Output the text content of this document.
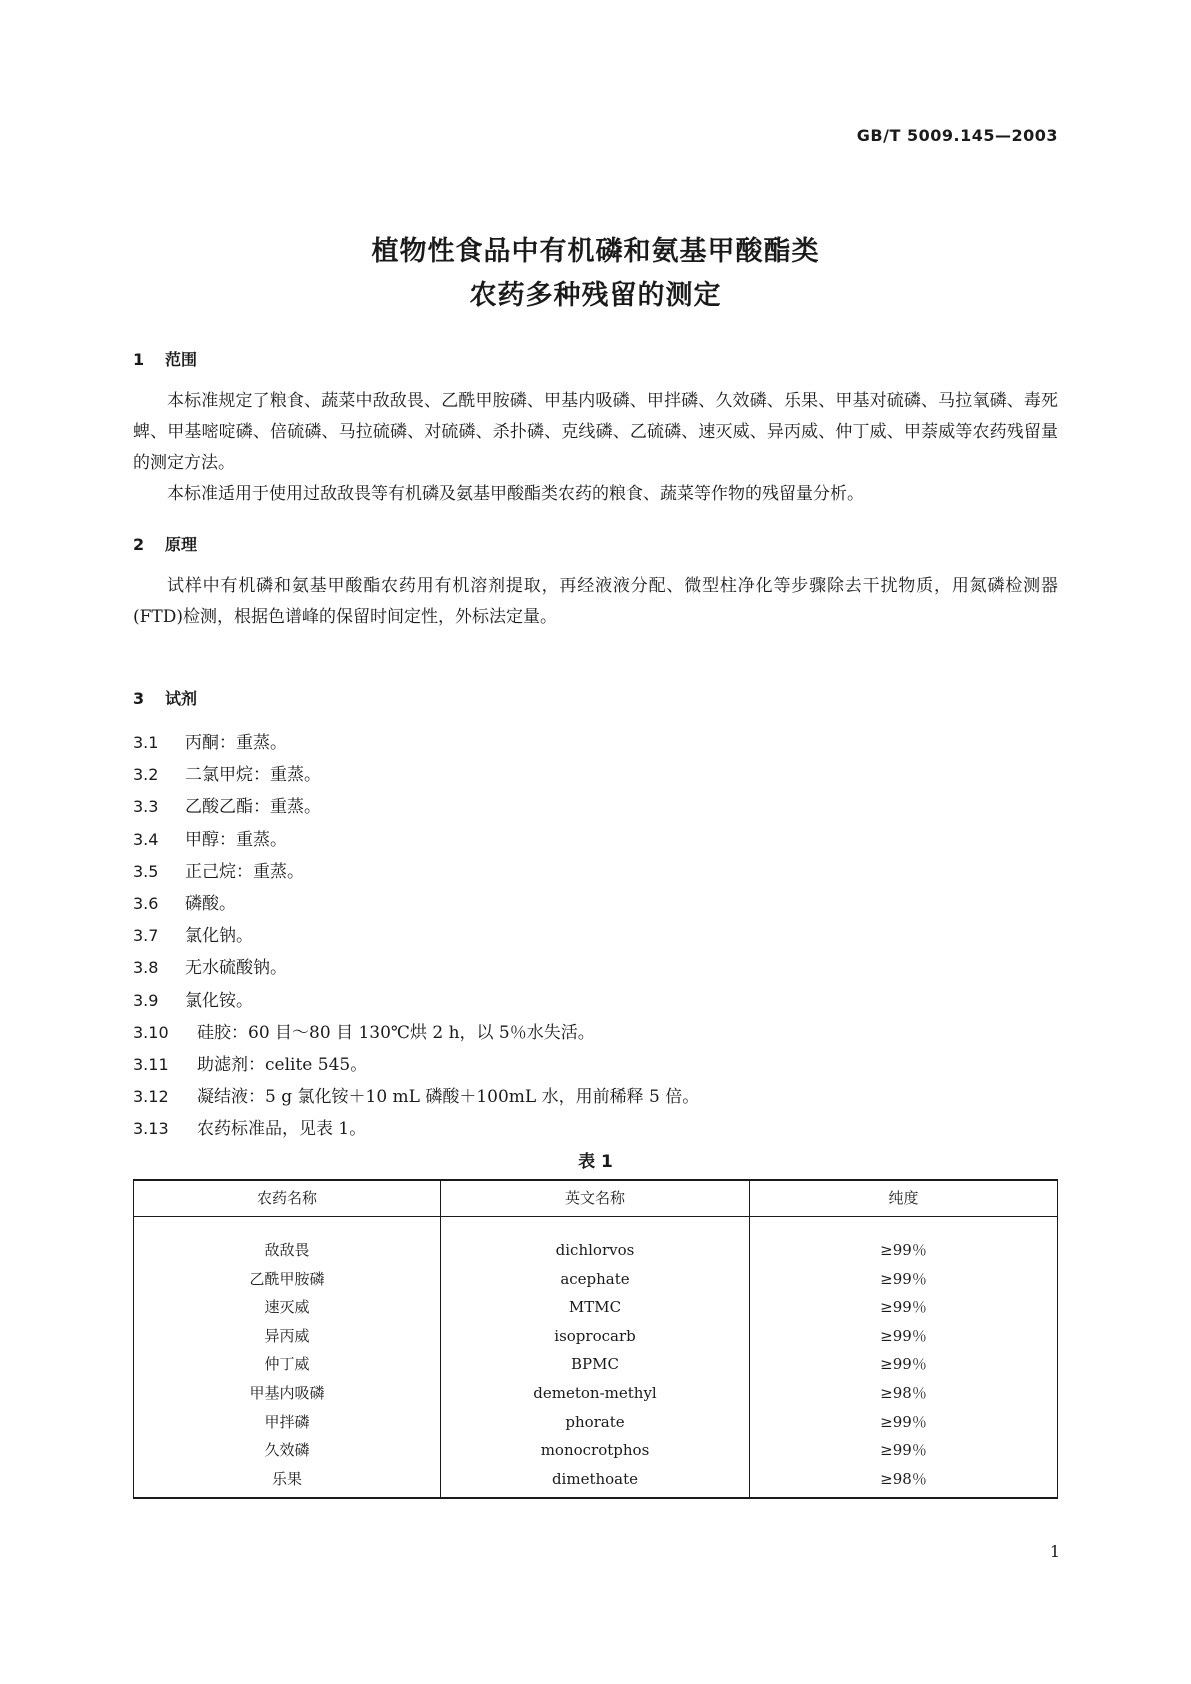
GB/T 5009.145—2003
植物性食品中有机磷和氨基甲酸酯类
农药多种残留的测定
1 范围

本标准规定了粮食、蔬菜中敌敌畏、乙酰甲胺磷、甲基内吸磷、甲拌磷、久效磷、乐果、甲基对硫磷、马拉氧磷、毒死蜱、甲基嘧啶磷、倍硫磷、马拉硫磷、对硫磷、杀扑磷、克线磷、乙硫磷、速灭威、异丙威、仲丁威、甲萘威等农药残留量的测定方法。

本标准适用于使用过敌敌畏等有机磷及氨基甲酸酯类农药的粮食、蔬菜等作物的残留量分析。

2 原理

试样中有机磷和氨基甲酸酯农药用有机溶剂提取，再经液液分配、微型柱净化等步骤除去干扰物质，用氮磷检测器(FTD)检测，根据色谱峰的保留时间定性，外标法定量。

3 试剂
3.1 丙酮：重蒸。
3.2 二氯甲烷：重蒸。
3.3 乙酸乙酯：重蒸。
3.4 甲醇：重蒸。
3.5 正己烷：重蒸。
3.6 磷酸。
3.7 氯化钠。
3.8 无水硫酸钠。
3.9 氯化铵。
3.10 硅胶：60 目～80 目 130℃烘 2 h，以 5％水失活。
3.11 助滤剂：celite 545。
3.12 凝结液：5 g 氯化铵＋10 mL 磷酸＋100mL 水，用前稀释 5 倍。
3.13 农药标准品，见表 1。
表 1
农药名称	英文名称	纯度
敌敌畏	dichlorvos	≥99％
乙酰甲胺磷	acephate	≥99％
速灭威	MTMC	≥99％
异丙威	isoprocarb	≥99％
仲丁威	BPMC	≥99％
甲基内吸磷	demeton-methyl	≥98％
甲拌磷	phorate	≥99％
久效磷	monocrotphos	≥99％
乐果	dimethoate	≥98％
1
